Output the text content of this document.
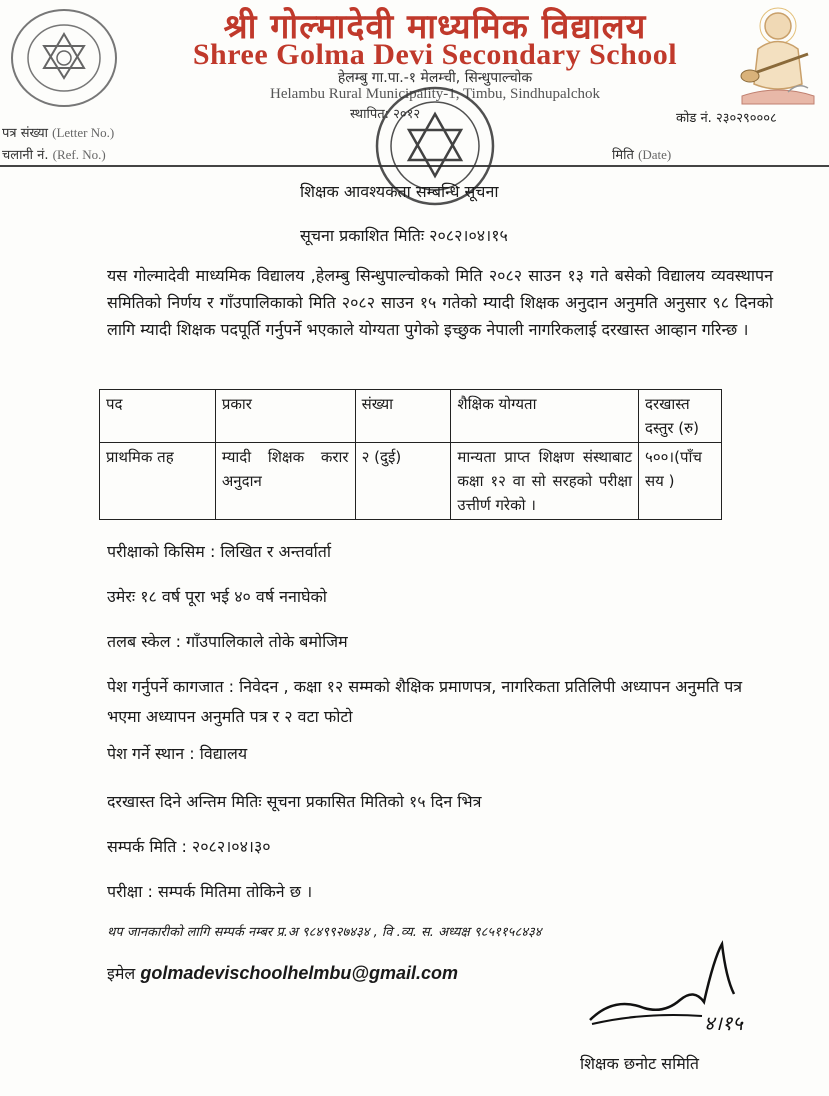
श्री गोल्मादेवी माध्यमिक विद्यालय
Shree Golma Devi Secondary School
हेलम्बु गा.पा.-१ मेलम्ची, सिन्धुपाल्चोक
Helambu Rural Municipality-1, Timbu, Sindhupalchok
स्थापित: २०१२	कोड नं. २३०२९०००८
पत्र संख्या (Letter No.)
चलानी नं. (Ref. No.)	मिति (Date)
शिक्षक आवश्यकता सम्बन्धि सूचना
सूचना प्रकाशित मितिः २०८२।०४।१५

यस गोल्मादेवी माध्यमिक विद्यालय ,हेलम्बु सिन्धुपाल्चोकको मिति २०८२ साउन १३ गते बसेको विद्यालय व्यवस्थापन समितिको निर्णय र गाँउपालिकाको मिति २०८२ साउन १५ गतेको म्यादी शिक्षक अनुदान अनुमति अनुसार ९८ दिनको लागि म्यादी शिक्षक पदपूर्ति गर्नुपर्ने भएकाले योग्यता पुगेको इच्छुक नेपाली नागरिकलाई दरखास्त आव्हान गरिन्छ ।

पद	प्रकार	संख्या	शैक्षिक योग्यता	दरखास्त दस्तुर (रु)
प्राथमिक तह	म्यादी शिक्षक करार अनुदान	२ (दुई)	मान्यता प्राप्त शिक्षण संस्थाबाट कक्षा १२ वा सो सरहको परीक्षा उत्तीर्ण गरेको ।	५००।(पाँच सय )
परीक्षाको किसिम : लिखित र अन्तर्वार्ता
उमेरः १८ वर्ष पूरा भई ४० वर्ष ननाघेको
तलब स्केल : गाँउपालिकाले तोके बमोजिम
पेश गर्नुपर्ने कागजात : निवेदन , कक्षा १२ सम्मको शैक्षिक प्रमाणपत्र, नागरिकता प्रतिलिपी अध्यापन अनुमति पत्र भएमा अध्यापन अनुमति पत्र र २ वटा फोटो
पेश गर्ने स्थान : विद्यालय
दरखास्त दिने अन्तिम मितिः सूचना प्रकासित मितिको १५ दिन भित्र
सम्पर्क मिति : २०८२।०४।३०
परीक्षा : सम्पर्क मितिमा तोकिने छ ।
थप जानकारीको लागि सम्पर्क नम्बर प्र.अ ९८४९९२७४३४ , वि .व्य. स. अध्यक्ष ९८५११५८४३४
इमेल golmadevischoolhelmbu@gmail.com
४।१५
शिक्षक छनोट समिति
